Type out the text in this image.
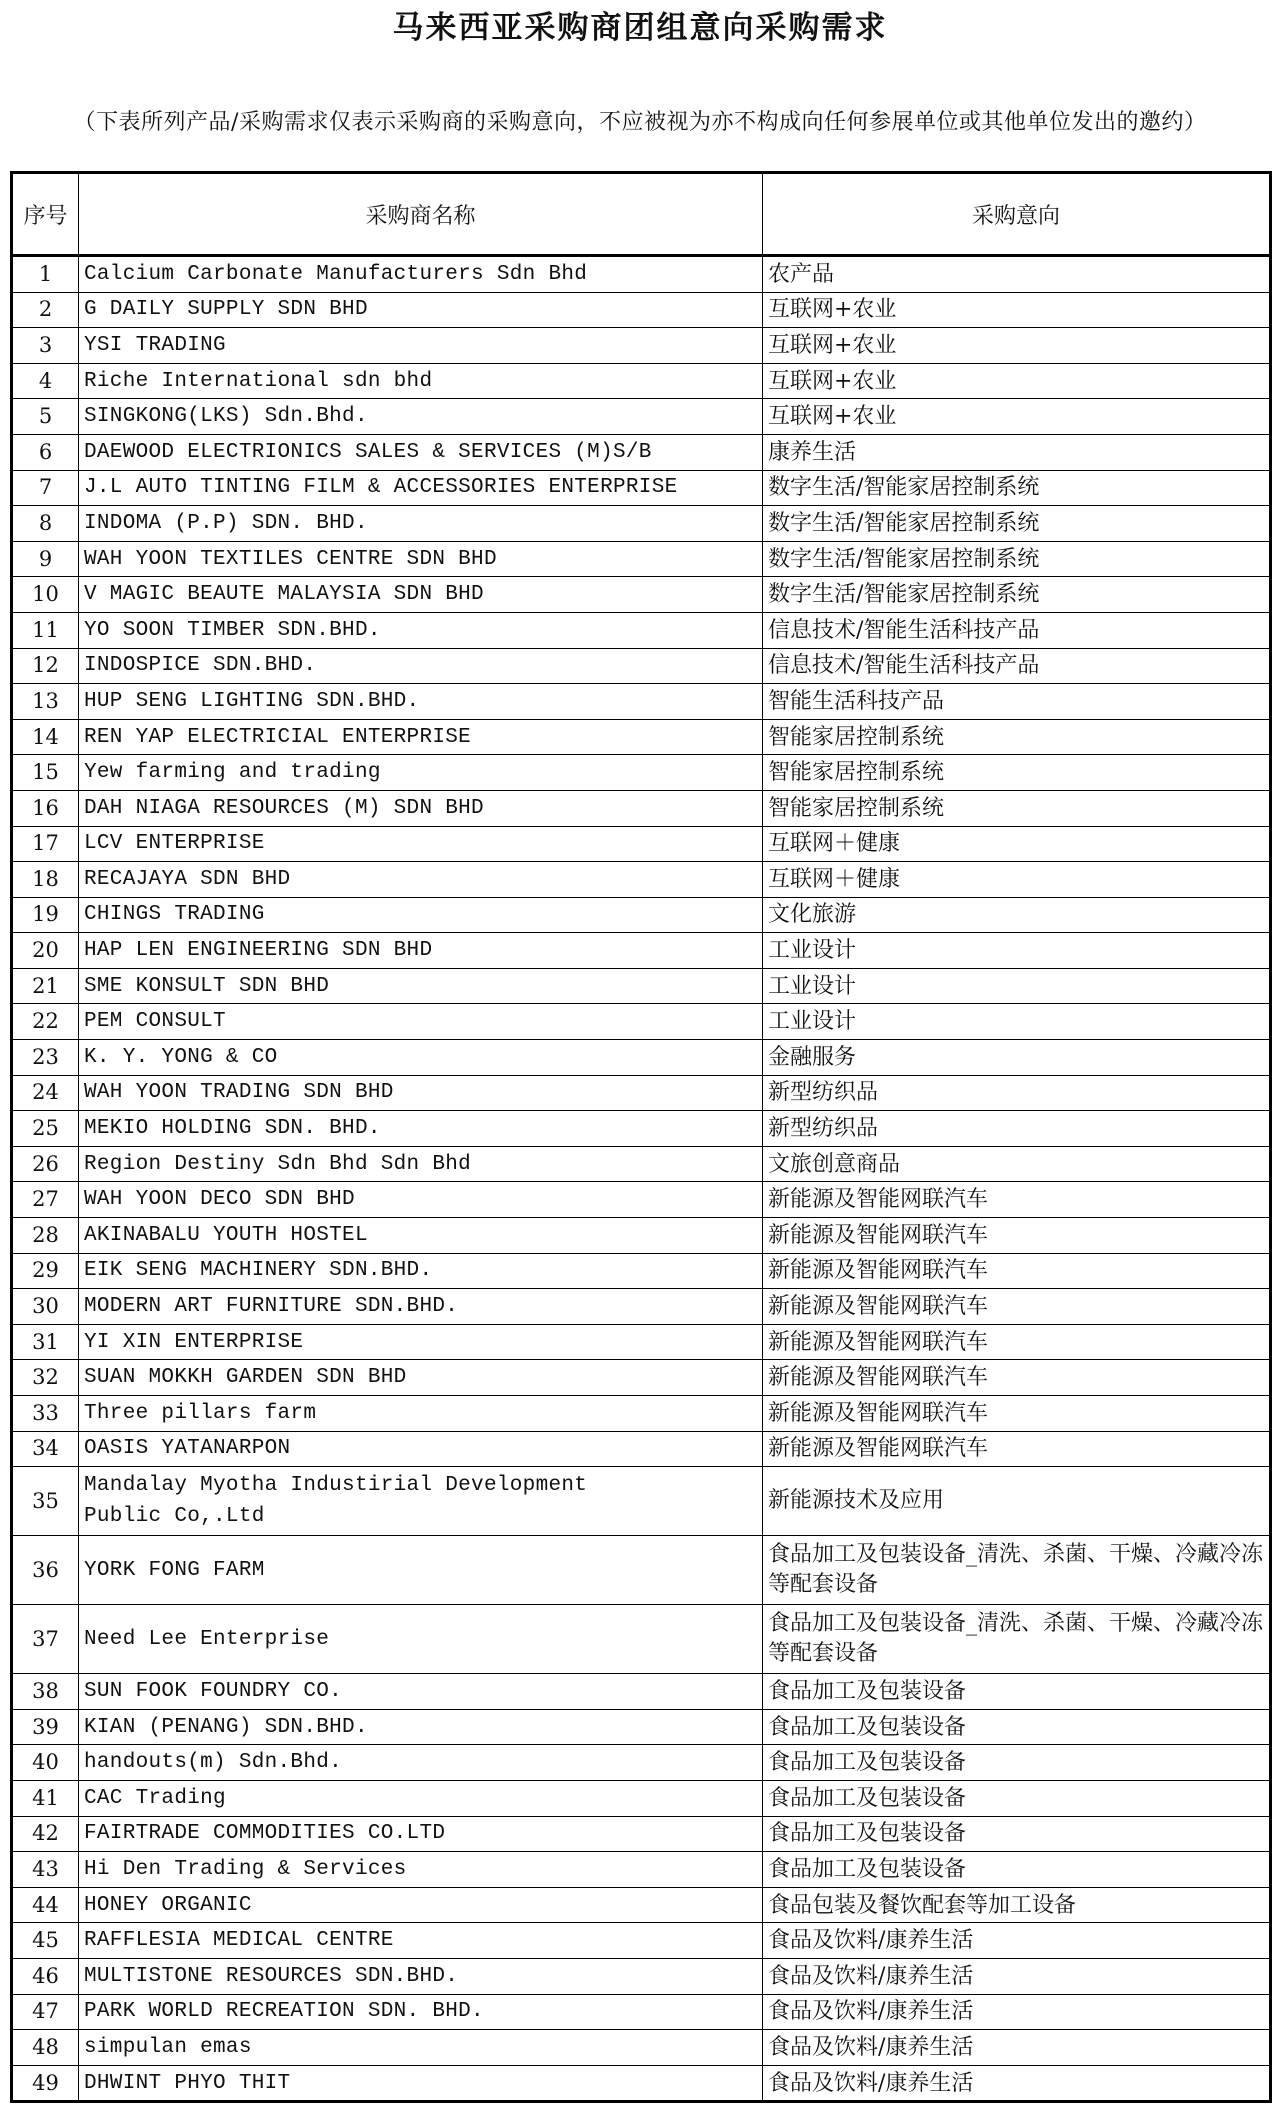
马来西亚采购商团组意向采购需求
（下表所列产品/采购需求仅表示采购商的采购意向，不应被视为亦不构成向任何参展单位或其他单位发出的邀约）
序号	采购商名称	采购意向
1	Calcium Carbonate Manufacturers Sdn Bhd	农产品
2	G DAILY SUPPLY SDN BHD	互联网+农业
3	YSI TRADING	互联网+农业
4	Riche International sdn bhd	互联网+农业
5	SINGKONG(LKS) Sdn.Bhd.	互联网+农业
6	DAEWOOD ELECTRIONICS SALES & SERVICES (M)S/B	康养生活
7	J.L AUTO TINTING FILM & ACCESSORIES ENTERPRISE	数字生活/智能家居控制系统
8	INDOMA (P.P) SDN. BHD.	数字生活/智能家居控制系统
9	WAH YOON TEXTILES CENTRE SDN BHD	数字生活/智能家居控制系统
10	V MAGIC BEAUTE MALAYSIA SDN BHD	数字生活/智能家居控制系统
11	YO SOON TIMBER SDN.BHD.	信息技术/智能生活科技产品
12	INDOSPICE SDN.BHD.	信息技术/智能生活科技产品
13	HUP SENG LIGHTING SDN.BHD.	智能生活科技产品
14	REN YAP ELECTRICIAL ENTERPRISE	智能家居控制系统
15	Yew farming and trading	智能家居控制系统
16	DAH NIAGA RESOURCES (M) SDN BHD	智能家居控制系统
17	LCV ENTERPRISE	互联网＋健康
18	RECAJAYA SDN BHD	互联网＋健康
19	CHINGS TRADING	文化旅游
20	HAP LEN ENGINEERING SDN BHD	工业设计
21	SME KONSULT SDN BHD	工业设计
22	PEM CONSULT	工业设计
23	K. Y. YONG & CO	金融服务
24	WAH YOON TRADING SDN BHD	新型纺织品
25	MEKIO HOLDING SDN. BHD.	新型纺织品
26	Region Destiny Sdn Bhd Sdn Bhd	文旅创意商品
27	WAH YOON DECO SDN BHD	新能源及智能网联汽车
28	AKINABALU YOUTH HOSTEL	新能源及智能网联汽车
29	EIK SENG MACHINERY SDN.BHD.	新能源及智能网联汽车
30	MODERN ART FURNITURE SDN.BHD.	新能源及智能网联汽车
31	YI XIN ENTERPRISE	新能源及智能网联汽车
32	SUAN MOKKH GARDEN SDN BHD	新能源及智能网联汽车
33	Three pillars farm	新能源及智能网联汽车
34	OASIS YATANARPON	新能源及智能网联汽车
35	Mandalay Myotha Industirial Development
Public Co,.Ltd	新能源技术及应用
36	YORK FONG FARM	食品加工及包装设备_清洗、杀菌、干燥、冷藏冷冻等配套设备
37	Need Lee Enterprise	食品加工及包装设备_清洗、杀菌、干燥、冷藏冷冻等配套设备
38	SUN FOOK FOUNDRY CO.	食品加工及包装设备
39	KIAN (PENANG) SDN.BHD.	食品加工及包装设备
40	handouts(m) Sdn.Bhd.	食品加工及包装设备
41	CAC Trading	食品加工及包装设备
42	FAIRTRADE COMMODITIES CO.LTD	食品加工及包装设备
43	Hi Den Trading & Services	食品加工及包装设备
44	HONEY ORGANIC	食品包装及餐饮配套等加工设备
45	RAFFLESIA MEDICAL CENTRE	食品及饮料/康养生活
46	MULTISTONE RESOURCES SDN.BHD.	食品及饮料/康养生活
47	PARK WORLD RECREATION SDN. BHD.	食品及饮料/康养生活
48	simpulan emas	食品及饮料/康养生活
49	DHWINT PHYO THIT	食品及饮料/康养生活
